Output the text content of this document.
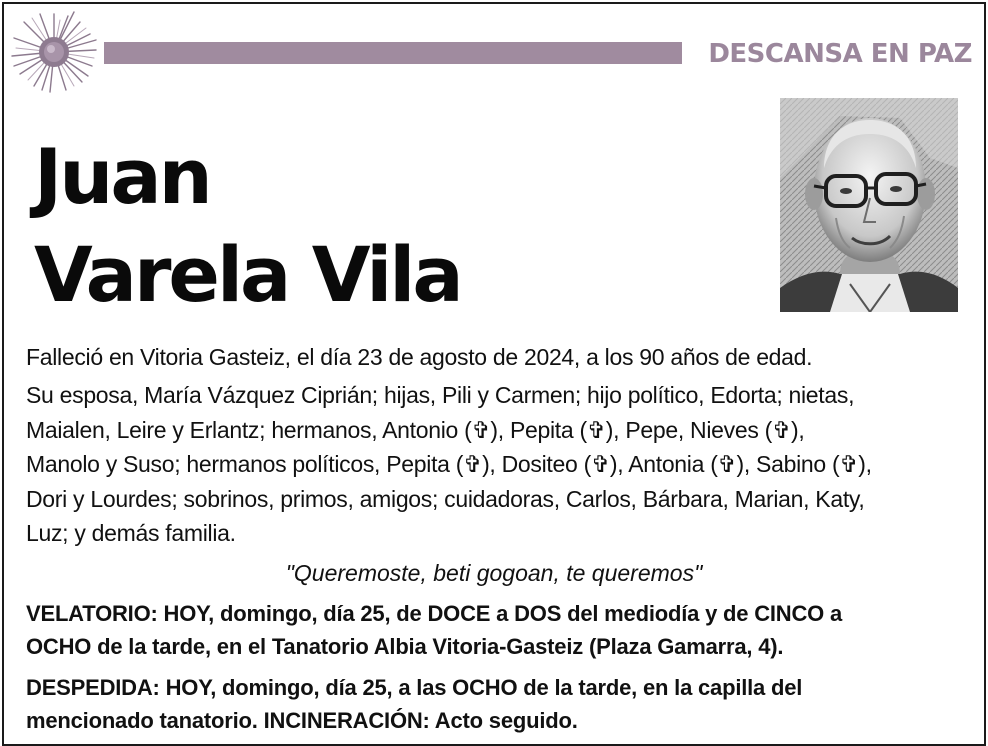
DESCANSA EN PAZ
Juan
Varela Vila
Falleció en Vitoria Gasteiz, el día 23 de agosto de 2024, a los 90 años de edad.
Su esposa, María Vázquez Ciprián; hijas, Pili y Carmen; hijo político, Edorta; nietas,
Maialen, Leire y Erlantz; hermanos, Antonio (✞), Pepita (✞), Pepe, Nieves (✞),
Manolo y Suso; hermanos políticos, Pepita (✞), Dositeo (✞), Antonia (✞), Sabino (✞),
Dori y Lourdes; sobrinos, primos, amigos; cuidadoras, Carlos, Bárbara, Marian, Katy,
Luz; y demás familia.
"Queremoste, beti gogoan, te queremos"
VELATORIO: HOY, domingo, día 25, de DOCE a DOS del mediodía y de CINCO a
OCHO de la tarde, en el Tanatorio Albia Vitoria-Gasteiz (Plaza Gamarra, 4).
DESPEDIDA: HOY, domingo, día 25, a las OCHO de la tarde, en la capilla del
mencionado tanatorio. INCINERACIÓN: Acto seguido.
